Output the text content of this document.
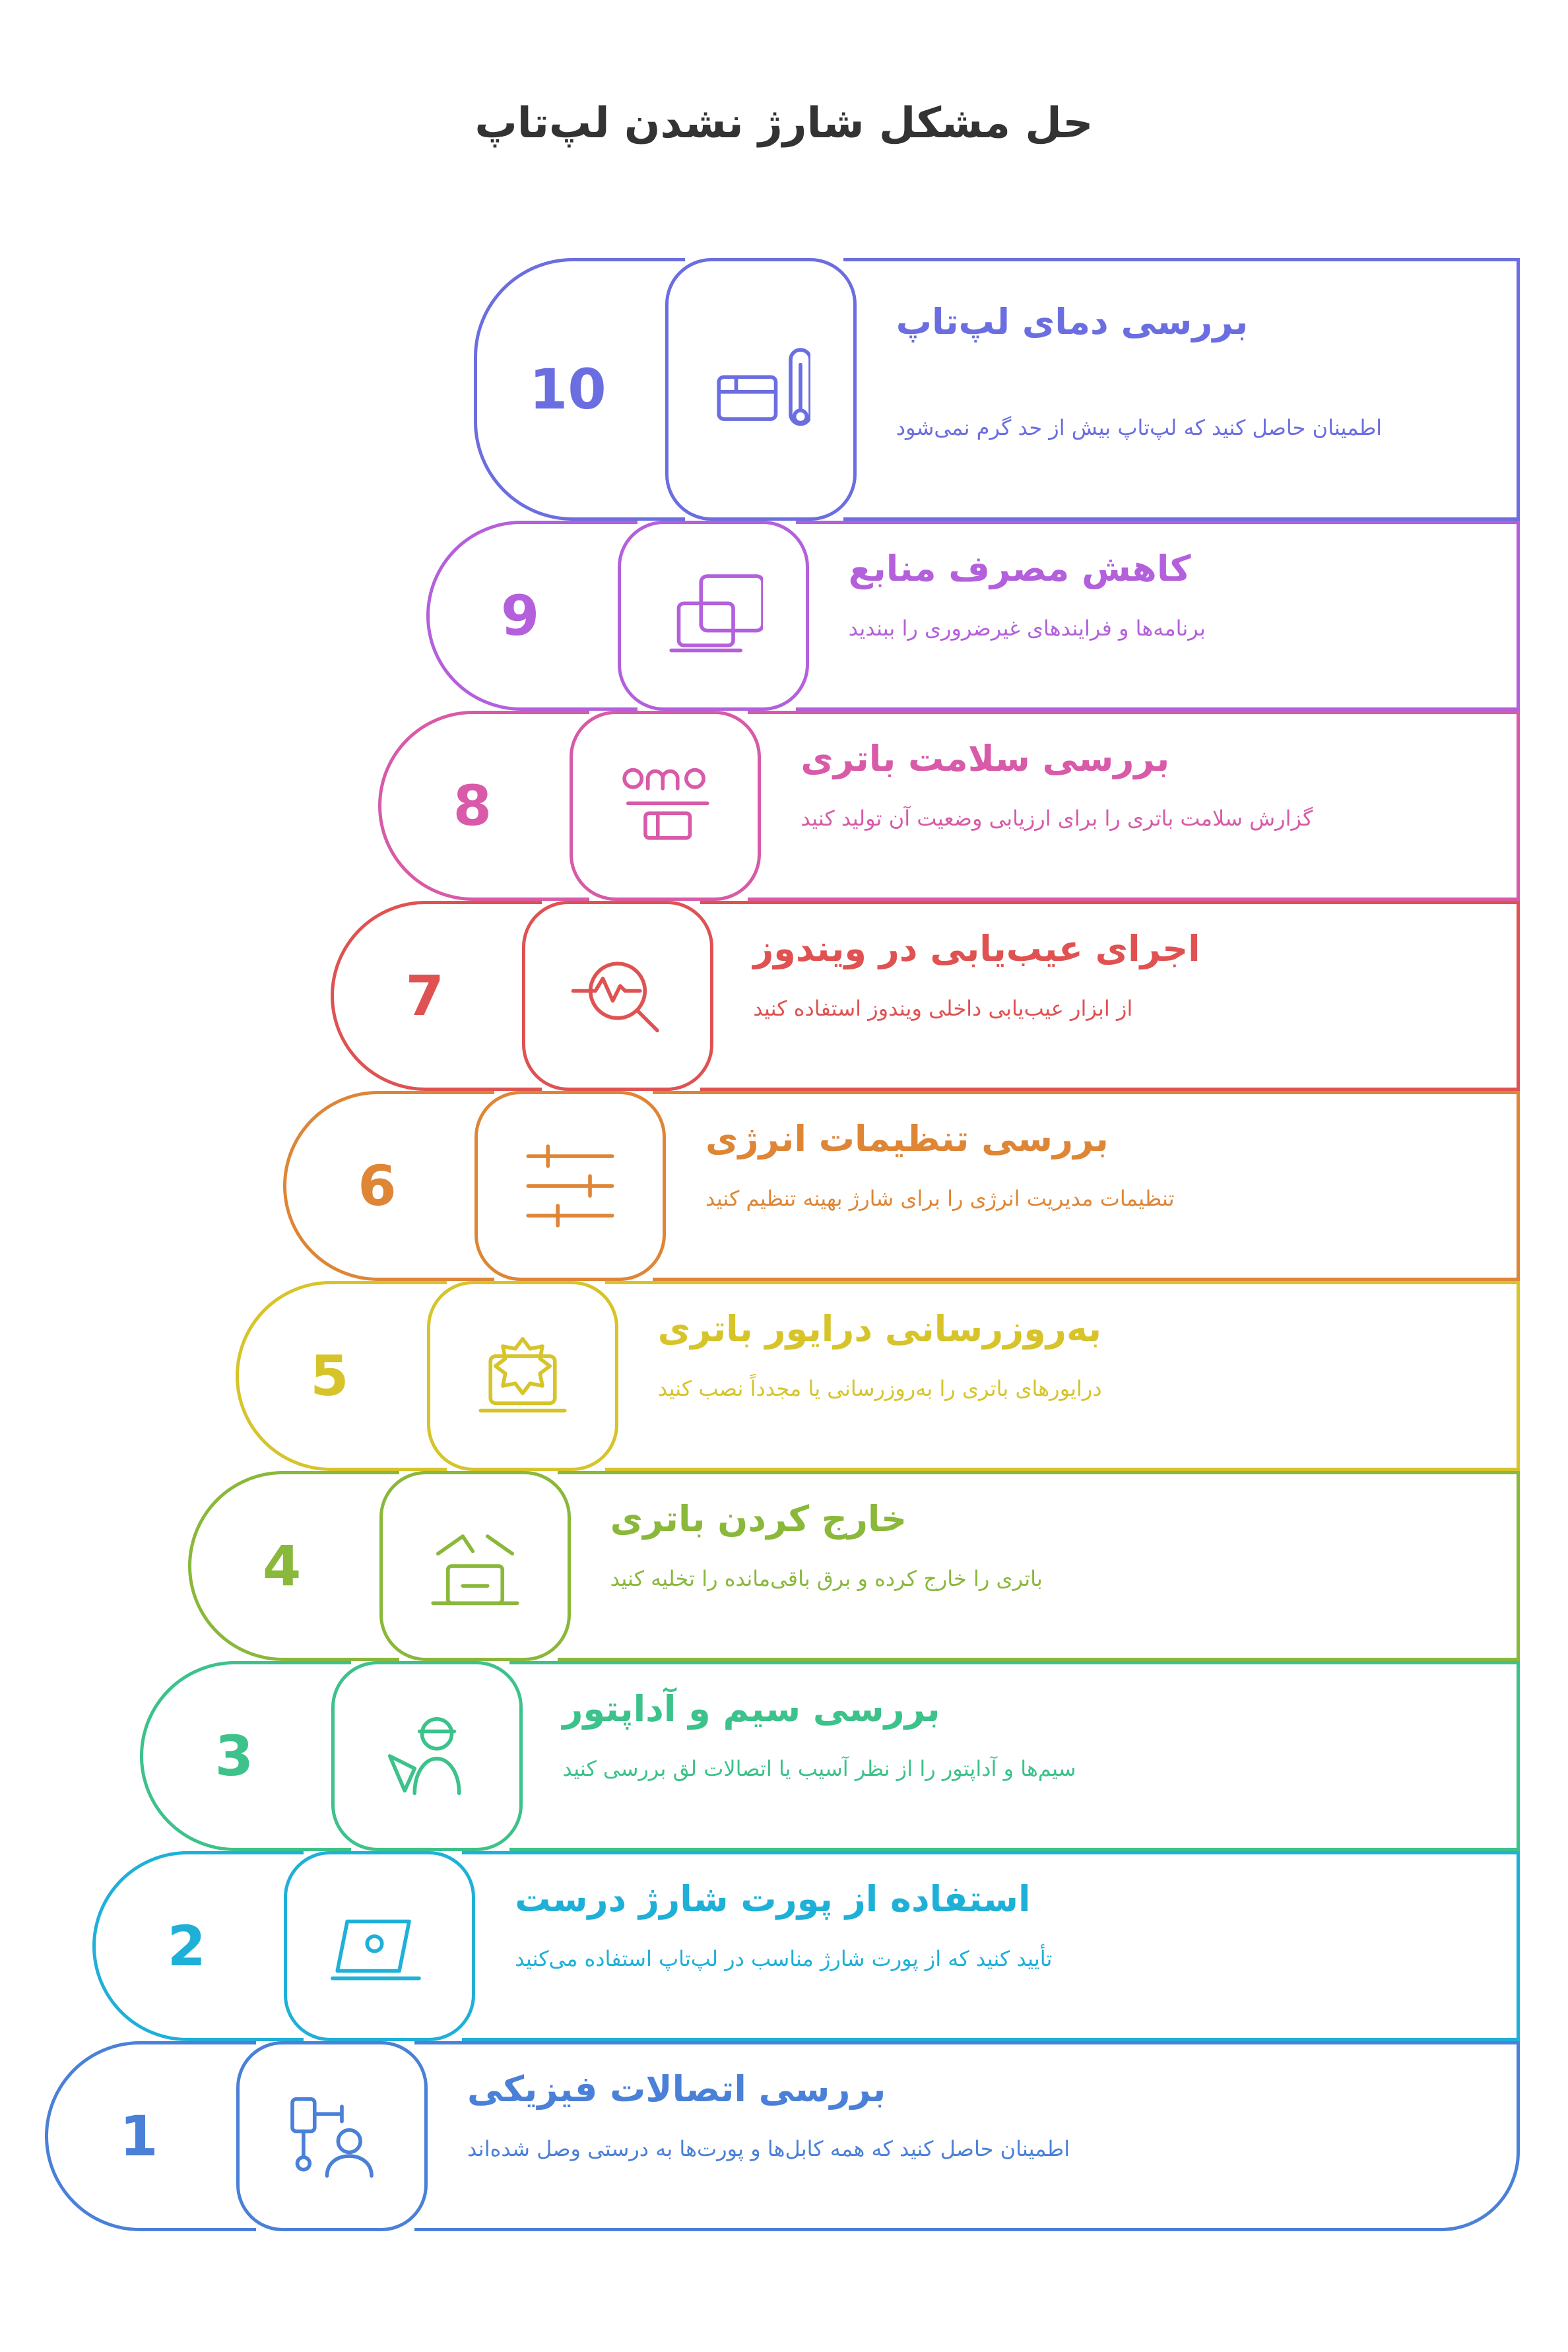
حل مشکل شارژ نشدن لپ‌تاپ
بررسی دمای لپ‌تاپ
اطمینان حاصل کنید که لپ‌تاپ بیش از حد گرم نمی‌شود
10
کاهش مصرف منابع
برنامه‌ها و فرایندهای غیرضروری را ببندید
9
بررسی سلامت باتری
گزارش سلامت باتری را برای ارزیابی وضعیت آن تولید کنید
8
اجرای عیب‌یابی در ویندوز
از ابزار عیب‌یابی داخلی ویندوز استفاده کنید
7
بررسی تنظیمات انرژی
تنظیمات مدیریت انرژی را برای شارژ بهینه تنظیم کنید
6
به‌روزرسانی درایور باتری
درایورهای باتری را به‌روزرسانی یا مجدداً نصب کنید
5
خارج کردن باتری
باتری را خارج کرده و برق باقی‌مانده را تخلیه کنید
4
بررسی سیم و آداپتور
سیم‌ها و آداپتور را از نظر آسیب یا اتصالات لق بررسی کنید
3
استفاده از پورت شارژ درست
تأیید کنید که از پورت شارژ مناسب در لپ‌تاپ استفاده می‌کنید
2
بررسی اتصالات فیزیکی
اطمینان حاصل کنید که همه کابل‌ها و پورت‌ها به درستی وصل شده‌اند
1
